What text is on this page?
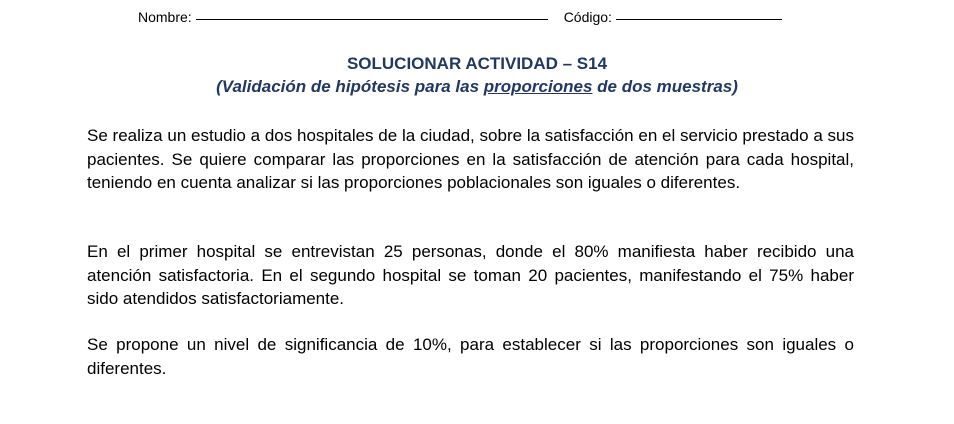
Nombre:	Código:
SOLUCIONAR ACTIVIDAD – S14
(Validación de hipótesis para las proporciones de dos muestras)

Se realiza un estudio a dos hospitales de la ciudad, sobre la satisfacción en el servicio prestado a sus pacientes. Se quiere comparar las proporciones en la satisfacción de atención para cada hospital, teniendo en cuenta analizar si las proporciones poblacionales son iguales o diferentes.

En el primer hospital se entrevistan 25 personas, donde el 80% manifiesta haber recibido una atención satisfactoria. En el segundo hospital se toman 20 pacientes, manifestando el 75% haber sido atendidos satisfactoriamente.

Se propone un nivel de significancia de 10%, para establecer si las proporciones son iguales o diferentes.
